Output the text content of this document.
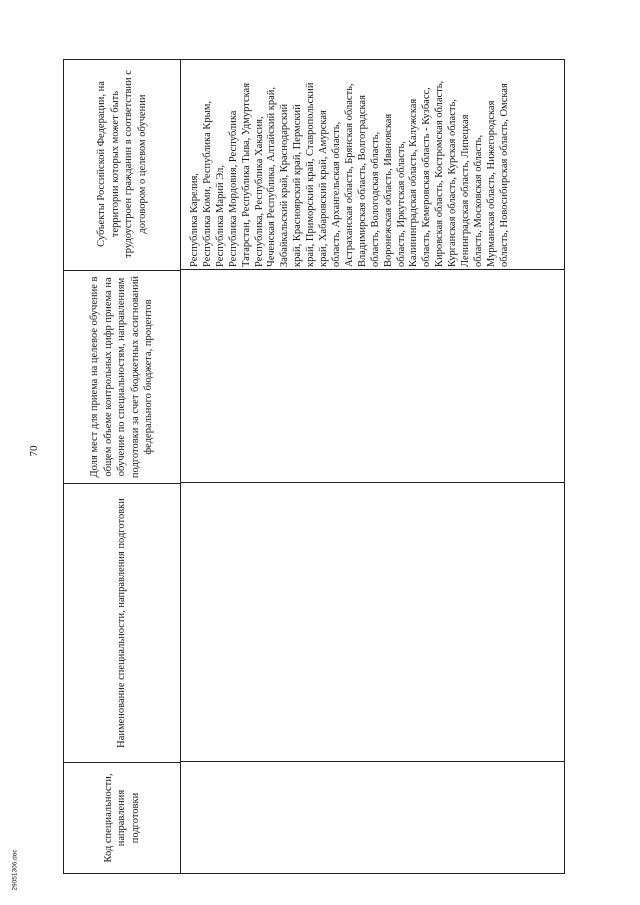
70
29051306.doc
Код специальности, направления подготовки
Наименование специальности, направления подготовки
Доля мест для приема на целевое обучение в общем объеме контрольных цифр приема на обучение по специальностям, направлениям подготовки за счет бюджетных ассигнований федерального бюджета, процентов
Субъекты Российской Федерации, на территории которых может быть трудоустроен гражданин в соответствии с договором о целевом обучении	Республика Карелия, Республика Коми, Республика Крым, Республика Марий Эл, Республика Мордовия, Республика Татарстан, Республика Тыва, Удмуртская Республика, Республика Хакасия, Чеченская Республика, Алтайский край, Забайкальский край, Краснодарский край, Красноярский край, Пермский край, Приморский край, Ставропольский край, Хабаровский край, Амурская область, Архангельская область, Астраханская область, Брянская область, Владимирская область, Волгоградская область, Вологодская область, Воронежская область, Ивановская область, Иркутская область, Калининградская область, Калужская область, Кемеровская область - Кузбасс, Кировская область, Костромская область, Курганская область, Курская область, Ленинградская область, Липецкая область, Московская область, Мурманская область, Нижегородская область, Новосибирская область, Омская
